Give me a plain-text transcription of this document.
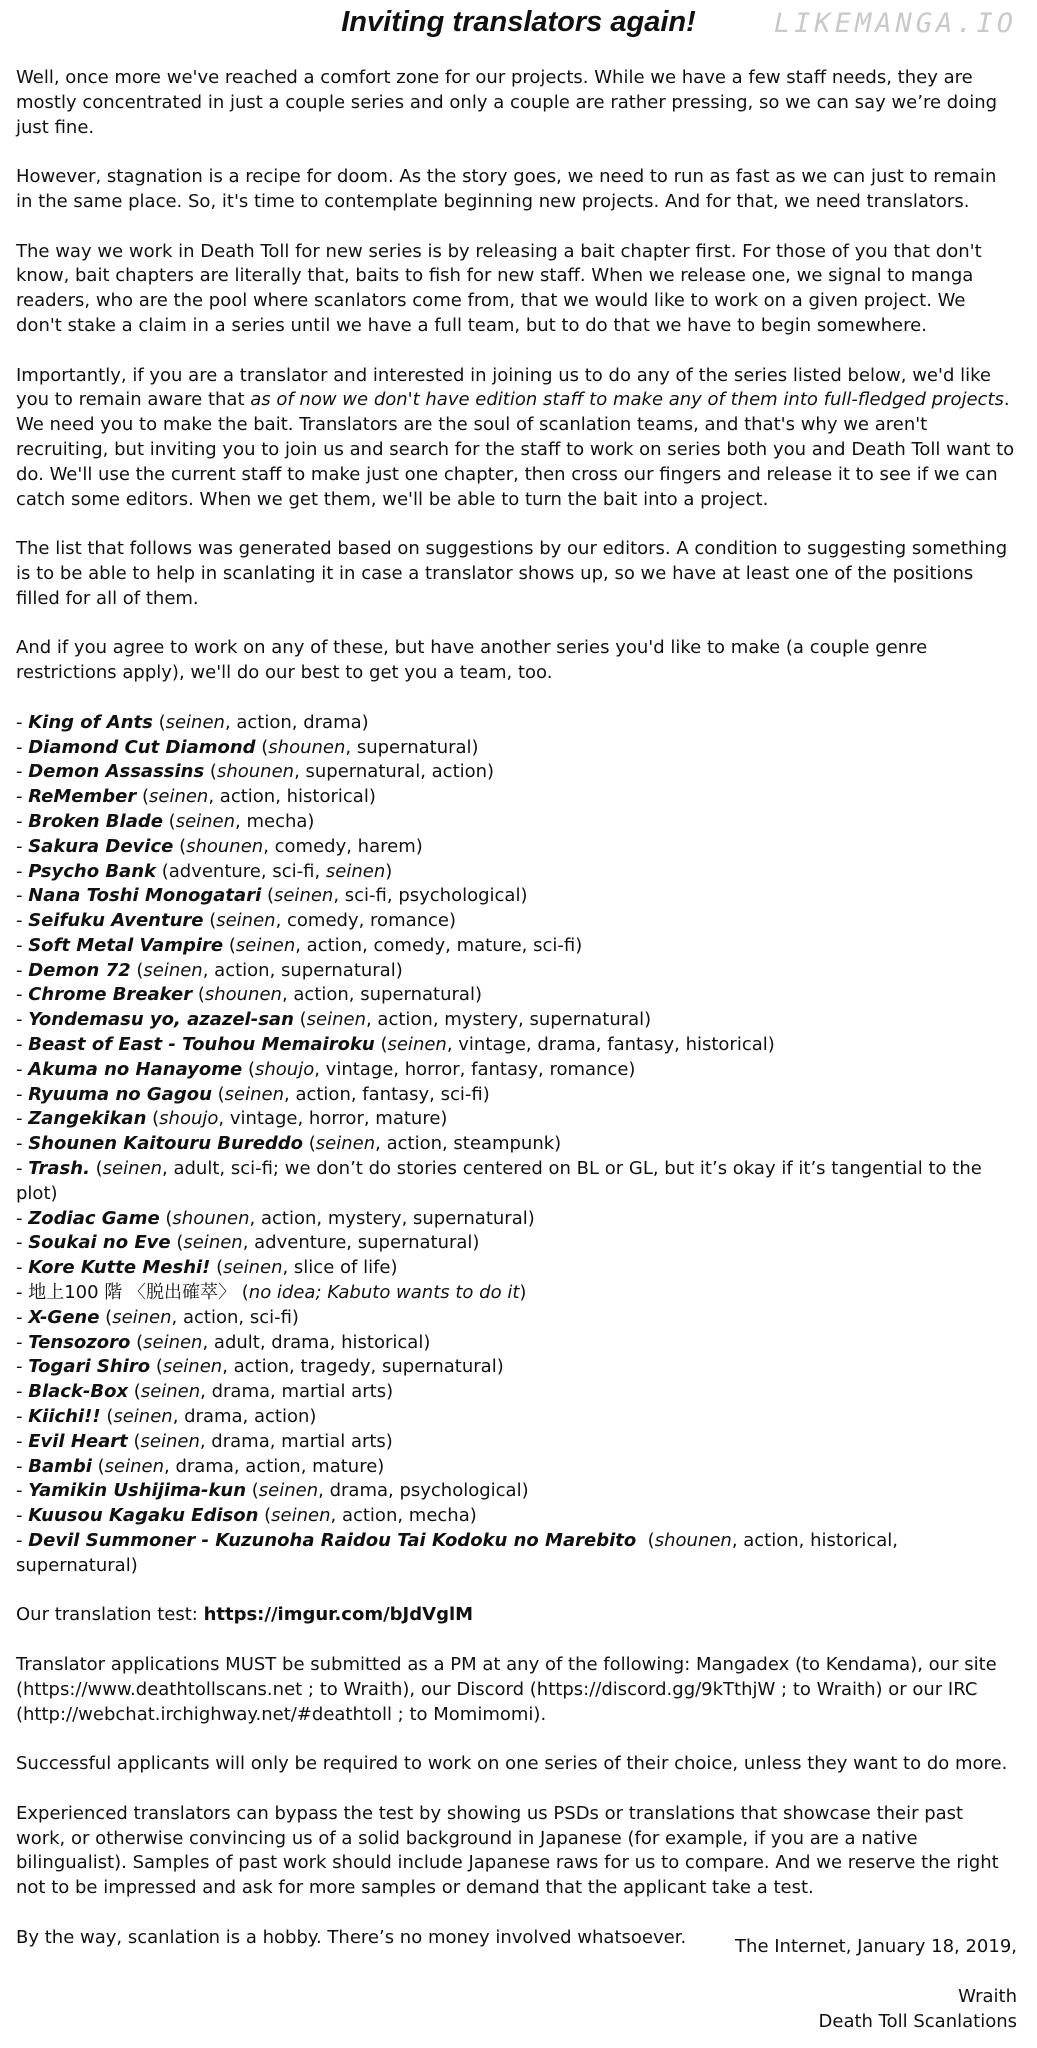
Inviting translators again!	LIKEMANGA.IO

Well, once more we've reached a comfort zone for our projects. While we have a few staff needs, they are mostly concentrated in just a couple series and only a couple are rather pressing, so we can say we’re doing just fine.

However, stagnation is a recipe for doom. As the story goes, we need to run as fast as we can just to remain in the same place. So, it's time to contemplate beginning new projects. And for that, we need translators.

The way we work in Death Toll for new series is by releasing a bait chapter first. For those of you that don't know, bait chapters are literally that, baits to fish for new staff. When we release one, we signal to manga readers, who are the pool where scanlators come from, that we would like to work on a given project. We don't stake a claim in a series until we have a full team, but to do that we have to begin somewhere.

Importantly, if you are a translator and interested in joining us to do any of the series listed below, we'd like you to remain aware that as of now we don't have edition staff to make any of them into full-fledged projects. We need you to make the bait. Translators are the soul of scanlation teams, and that's why we aren't recruiting, but inviting you to join us and search for the staff to work on series both you and Death Toll want to do. We'll use the current staff to make just one chapter, then cross our fingers and release it to see if we can catch some editors. When we get them, we'll be able to turn the bait into a project.

The list that follows was generated based on suggestions by our editors. A condition to suggesting something is to be able to help in scanlating it in case a translator shows up, so we have at least one of the positions filled for all of them.

And if you agree to work on any of these, but have another series you'd like to make (a couple genre restrictions apply), we'll do our best to get you a team, too.

- King of Ants (seinen, action, drama)
- Diamond Cut Diamond (shounen, supernatural)
- Demon Assassins (shounen, supernatural, action)
- ReMember (seinen, action, historical)
- Broken Blade (seinen, mecha)
- Sakura Device (shounen, comedy, harem)
- Psycho Bank (adventure, sci-fi, seinen)
- Nana Toshi Monogatari (seinen, sci-fi, psychological)
- Seifuku Aventure (seinen, comedy, romance)
- Soft Metal Vampire (seinen, action, comedy, mature, sci-fi)
- Demon 72 (seinen, action, supernatural)
- Chrome Breaker (shounen, action, supernatural)
- Yondemasu yo, azazel-san (seinen, action, mystery, supernatural)
- Beast of East - Touhou Memairoku (seinen, vintage, drama, fantasy, historical)
- Akuma no Hanayome (shoujo, vintage, horror, fantasy, romance)
- Ryuuma no Gagou (seinen, action, fantasy, sci-fi)
- Zangekikan (shoujo, vintage, horror, mature)
- Shounen Kaitouru Bureddo (seinen, action, steampunk)
- Trash. (seinen, adult, sci-fi; we don’t do stories centered on BL or GL, but it’s okay if it’s tangential to the plot)
- Zodiac Game (shounen, action, mystery, supernatural)
- Soukai no Eve (seinen, adventure, supernatural)
- Kore Kutte Meshi! (seinen, slice of life)
- 地上100 階 〈脱出確萃〉 (no idea; Kabuto wants to do it)
- X-Gene (seinen, action, sci-fi)
- Tensozoro (seinen, adult, drama, historical)
- Togari Shiro (seinen, action, tragedy, supernatural)
- Black-Box (seinen, drama, martial arts)
- Kiichi!! (seinen, drama, action)
- Evil Heart (seinen, drama, martial arts)
- Bambi (seinen, drama, action, mature)
- Yamikin Ushijima-kun (seinen, drama, psychological)
- Kuusou Kagaku Edison (seinen, action, mecha)
- Devil Summoner - Kuzunoha Raidou Tai Kodoku no Marebito  (shounen, action, historical, supernatural)

Our translation test: https://imgur.com/bJdVglM

Translator applications MUST be submitted as a PM at any of the following: Mangadex (to Kendama), our site (https://www.deathtollscans.net ; to Wraith), our Discord (https://discord.gg/9kTthjW ; to Wraith) or our IRC (http://webchat.irchighway.net/#deathtoll ; to Momimomi).

Successful applicants will only be required to work on one series of their choice, unless they want to do more.

Experienced translators can bypass the test by showing us PSDs or translations that showcase their past work, or otherwise convincing us of a solid background in Japanese (for example, if you are a native bilingualist). Samples of past work should include Japanese raws for us to compare. And we reserve the right not to be impressed and ask for more samples or demand that the applicant take a test.

By the way, scanlation is a hobby. There’s no money involved whatsoever.	The Internet, January 18, 2019,
Wraith
Death Toll Scanlations
